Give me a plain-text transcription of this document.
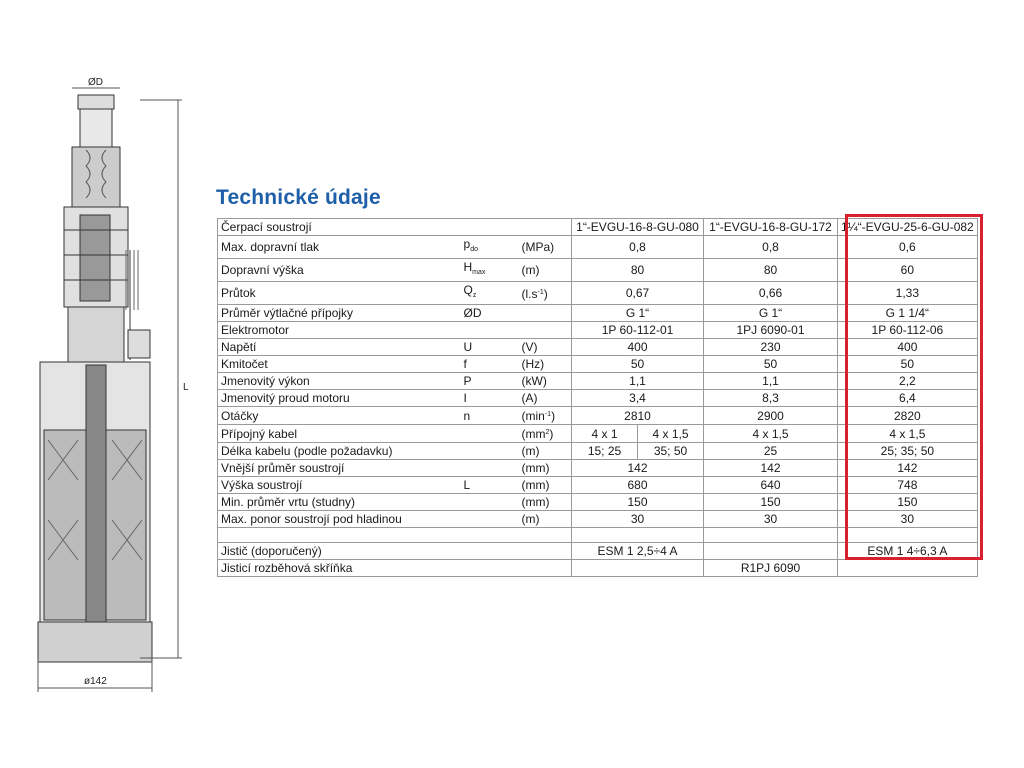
ØD
L
ø142
Technické údaje
Čerpací soustrojí			1“-EVGU-16-8-GU-080		1“-EVGU-16-8-GU-172	1¼“-EVGU-25-6-GU-082
Max. dopravní tlak	$p_{do}$	(MPa)	0,8		0,8	0,6
Dopravní výška	$H_{max}$	(m)	80		80	60
Průtok	$Q_z$	$(l.s^{-1})$	0,67		0,66	1,33
Průměr výtlačné přípojky	ØD		G 1“		G 1“	G 1 1/4“
Elektromotor			1P 60-112-01		1PJ 6090-01	1P 60-112-06
Napětí	U	(V)	400		230	400
Kmitočet	f	(Hz)	50		50	50
Jmenovitý výkon	P	(kW)	1,1		1,1	2,2
Jmenovitý proud motoru	I	(A)	3,4		8,3	6,4
Otáčky	n	$(\min^{-1})$	2810		2900	2820
Přípojný kabel		$(mm^2)$	4 x 1	4 x 1,5	4 x 1,5	4 x 1,5
Délka kabelu (podle požadavku)		(m)	15; 25	35; 50	25	25; 35; 50
Vnější průměr soustrojí		(mm)	142		142	142
Výška soustrojí	L	(mm)	680		640	748
Min. průměr vrtu (studny)		(mm)	150		150	150
Max. ponor soustrojí pod hladinou		(m)	30		30	30

Jistič (doporučený)			ESM 1 2,5÷4 A			ESM 1 4÷6,3 A
Jisticí rozběhová skříňka					R1PJ 6090	
